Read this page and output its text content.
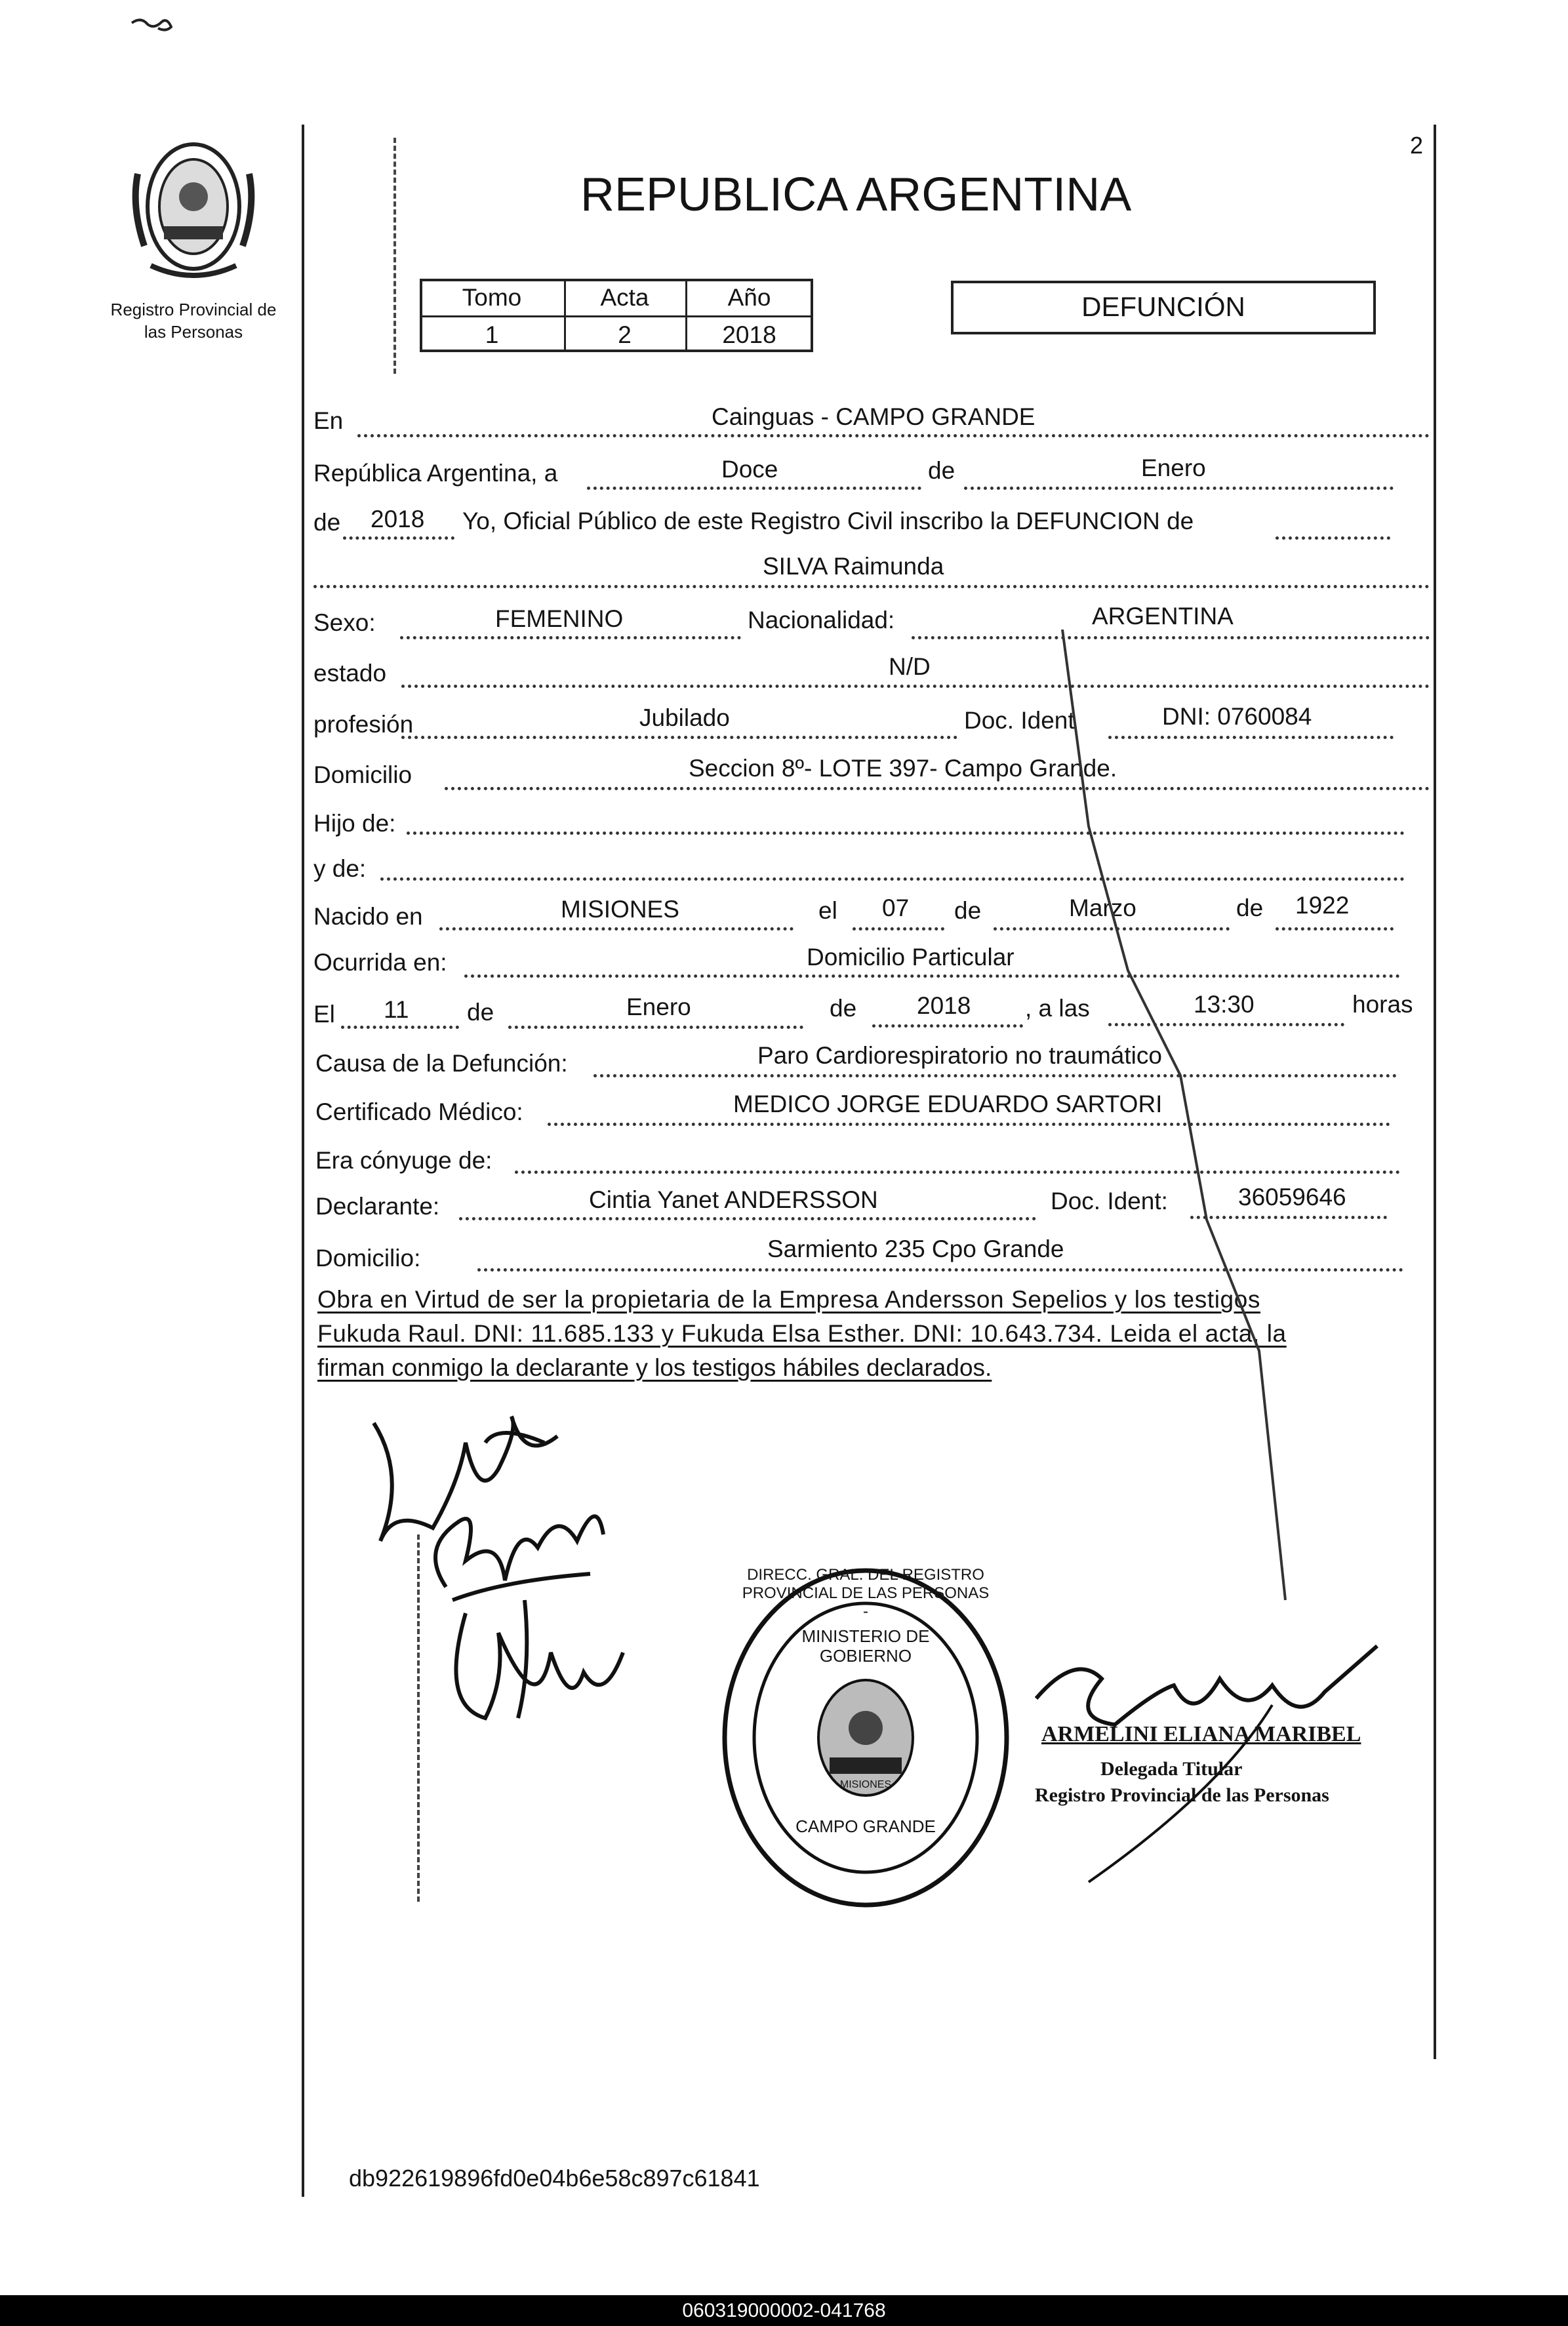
PROVINCIA DE MISIONES
Registro Provincial de las Personas
2
REPUBLICA ARGENTINA
Tomo	Acta	Año
1	2	2018
DEFUNCIÓN
En	Cainguas - CAMPO GRANDE
República Argentina, a	Doce	de	Enero
de 2018 Yo, Oficial Público de este Registro Civil inscribo la DEFUNCION de
SILVA Raimunda
Sexo:	FEMENINO	Nacionalidad:	ARGENTINA
estado	N/D
profesión	Jubilado	Doc. Ident	DNI: 0760084
Domicilio	Seccion 8º- LOTE 397- Campo Grande.
Hijo de:
y de:
Nacido en	MISIONES	el 07 de	Marzo	de 1922
Ocurrida en:	Domicilio Particular
El 11 de	Enero	de 2018 , a las	13:30	horas
Causa de la Defunción:	Paro Cardiorespiratorio no traumático
Certificado Médico:	MEDICO JORGE EDUARDO SARTORI
Era cónyuge de:
Declarante:	Cintia Yanet ANDERSSON	Doc. Ident:	36059646
Domicilio:	Sarmiento 235 Cpo Grande
Obra en Virtud de ser la propietaria de la Empresa Andersson Sepelios y los testigos
Fukuda Raul. DNI: 11.685.133 y Fukuda Elsa Esther. DNI: 10.643.734. Leida el acta, la
firman conmigo la declarante y los testigos hábiles declarados.
DIRECC. GRAL. DEL REGISTRO PROVINCIAL DE LAS PERSONAS -
MINISTERIO DE GOBIERNO
MISIONES
CAMPO GRANDE
ARMELINI ELIANA MARIBEL
Delegada Titular
Registro Provincial de las Personas
db922619896fd0e04b6e58c897c61841
060319000002-041768
